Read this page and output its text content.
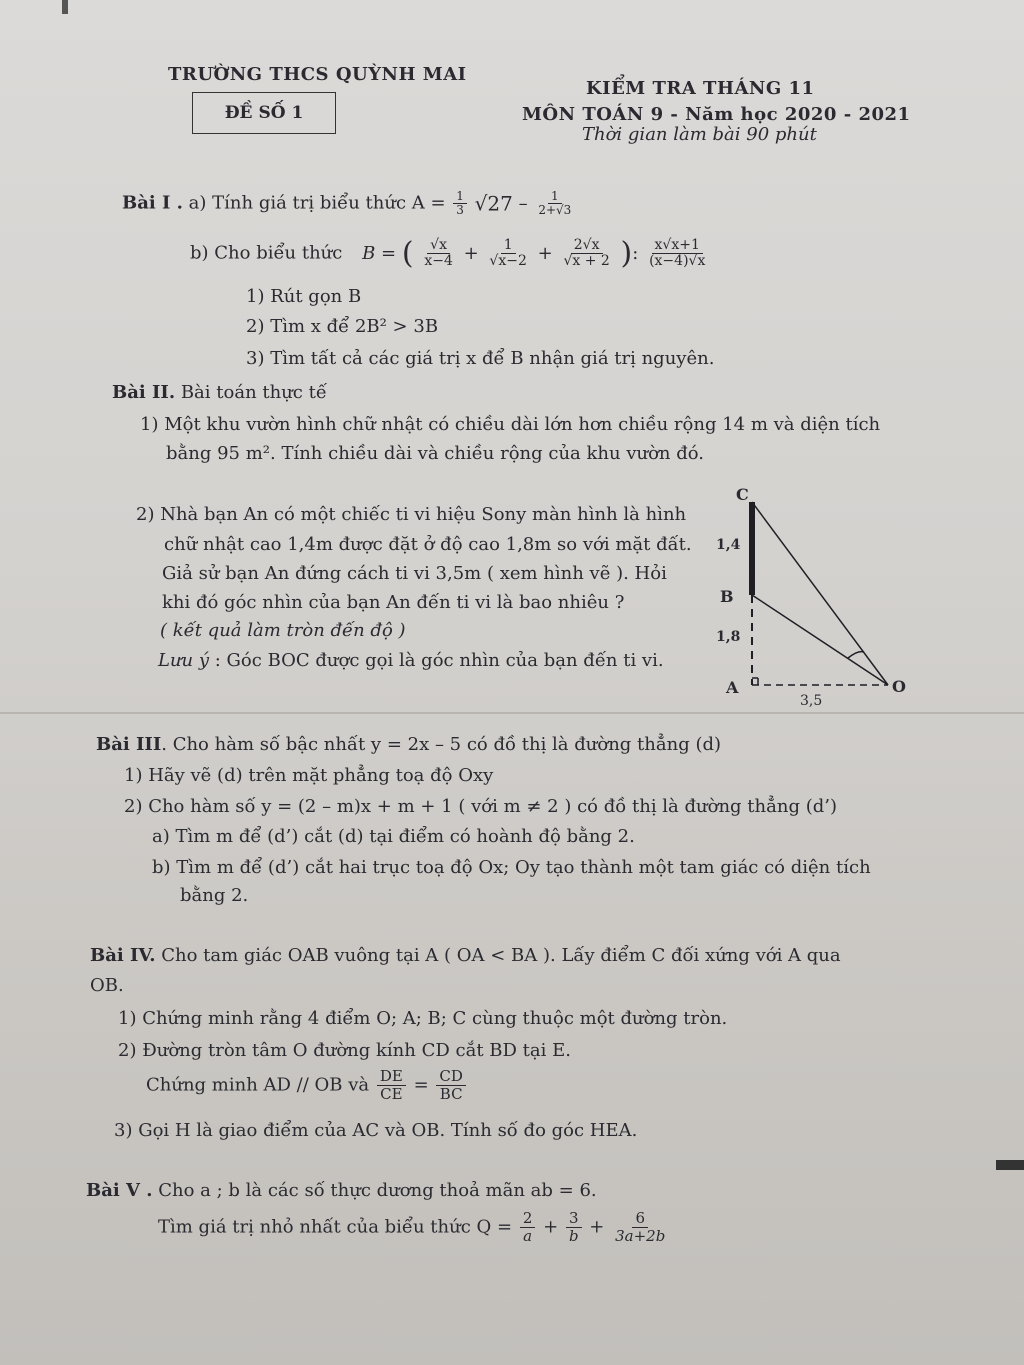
TRƯỜNG THCS QUỲNH MAI
ĐỀ SỐ 1
KIỂM TRA THÁNG 11
MÔN TOÁN 9 - Năm học 2020 - 2021
Thời gian làm bài 90 phút
Bài I . a) Tính giá trị biểu thức $A = \frac{1}{3} √27 - \frac{1}{2+√3}$
b) Cho biểu thức B = ( $\frac{√x}{x-4} + \frac{1}{√x-2} + \frac{2√x}{√x + 2}$ ): $\frac{x√x+1}{(x-4)√x}$
1) Rút gọn B
2) Tìm x để 2B² > 3B
3) Tìm tất cả các giá trị x để B nhận giá trị nguyên.
Bài II. Bài toán thực tế
1) Một khu vườn hình chữ nhật có chiều dài lớn hơn chiều rộng 14 m và diện tích
bằng 95 m². Tính chiều dài và chiều rộng của khu vườn đó.
2) Nhà bạn An có một chiếc ti vi hiệu Sony màn hình là hình
chữ nhật cao 1,4m được đặt ở độ cao 1,8m so với mặt đất.
Giả sử bạn An đứng cách ti vi 3,5m ( xem hình vẽ ). Hỏi
khi đó góc nhìn của bạn An đến ti vi là bao nhiêu ?
( kết quả làm tròn đến độ )
Lưu ý : Góc BOC được gọi là góc nhìn của bạn đến ti vi.
C
B
A	O
1,4
1,8
3,5
Bài III. Cho hàm số bậc nhất y = 2x – 5 có đồ thị là đường thẳng (d)
1) Hãy vẽ (d) trên mặt phẳng toạ độ Oxy
2) Cho hàm số y = (2 – m)x + m + 1 ( với m ≠ 2 ) có đồ thị là đường thẳng (d’)
a) Tìm m để (d’) cắt (d) tại điểm có hoành độ bằng 2.
b) Tìm m để (d’) cắt hai trục toạ độ Ox; Oy tạo thành một tam giác có diện tích
bằng 2.
Bài IV. Cho tam giác OAB vuông tại A ( OA < BA ). Lấy điểm C đối xứng với A qua
OB.
1) Chứng minh rằng 4 điểm O; A; B; C cùng thuộc một đường tròn.
2) Đường tròn tâm O đường kính CD cắt BD tại E.
Chứng minh AD // OB và $\frac{DE}{CE} = \frac{CD}{BC}$
3) Gọi H là giao điểm của AC và OB. Tính số đo góc HEA.
Bài V . Cho a ; b là các số thực dương thoả mãn ab = 6.
Tìm giá trị nhỏ nhất của biểu thức $Q = \frac{2}{a} + \frac{3}{b} + \frac{6}{3a+2b}$
